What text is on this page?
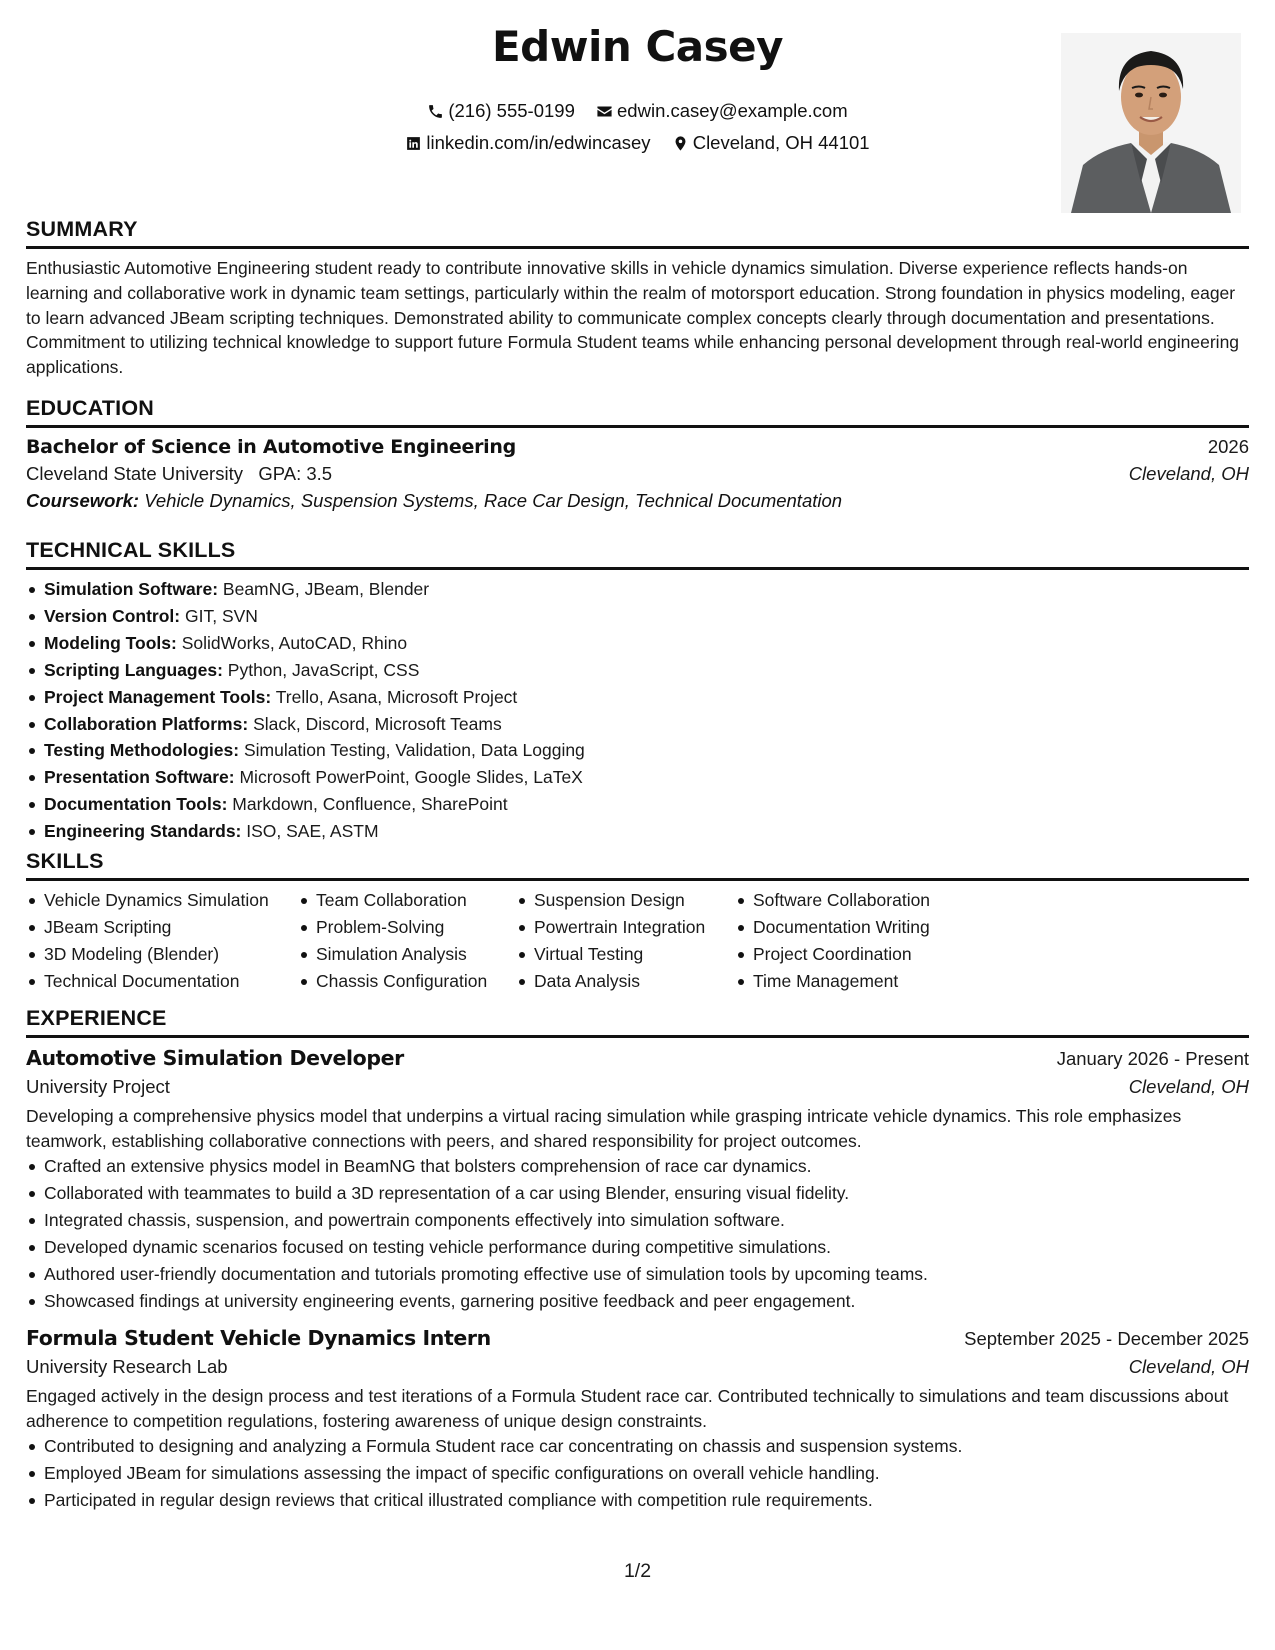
Edwin Casey
(216) 555-0199
edwin.casey@example.com
linkedin.com/in/edwincasey
Cleveland, OH 44101
SUMMARY
Enthusiastic Automotive Engineering student ready to contribute innovative skills in vehicle dynamics simulation. Diverse experience reflects hands-on learning and collaborative work in dynamic team settings, particularly within the realm of motorsport education. Strong foundation in physics modeling, eager to learn advanced JBeam scripting techniques. Demonstrated ability to communicate complex concepts clearly through documentation and presentations. Commitment to utilizing technical knowledge to support future Formula Student teams while enhancing personal development through real-world engineering applications.
EDUCATION
Bachelor of Science in Automotive Engineering	2026
Cleveland State University GPA: 3.5	Cleveland, OH
Coursework: Vehicle Dynamics, Suspension Systems, Race Car Design, Technical Documentation
TECHNICAL SKILLS
Simulation Software: BeamNG, JBeam, Blender
Version Control: GIT, SVN
Modeling Tools: SolidWorks, AutoCAD, Rhino
Scripting Languages: Python, JavaScript, CSS
Project Management Tools: Trello, Asana, Microsoft Project
Collaboration Platforms: Slack, Discord, Microsoft Teams
Testing Methodologies: Simulation Testing, Validation, Data Logging
Presentation Software: Microsoft PowerPoint, Google Slides, LaTeX
Documentation Tools: Markdown, Confluence, SharePoint
Engineering Standards: ISO, SAE, ASTM
SKILLS
Vehicle Dynamics Simulation
JBeam Scripting
3D Modeling (Blender)
Technical Documentation
Team Collaboration
Problem-Solving
Simulation Analysis
Chassis Configuration
Suspension Design
Powertrain Integration
Virtual Testing
Data Analysis
Software Collaboration
Documentation Writing
Project Coordination
Time Management
EXPERIENCE
Automotive Simulation Developer	January 2026 - Present
University Project	Cleveland, OH
Developing a comprehensive physics model that underpins a virtual racing simulation while grasping intricate vehicle dynamics. This role emphasizes teamwork, establishing collaborative connections with peers, and shared responsibility for project outcomes.
Crafted an extensive physics model in BeamNG that bolsters comprehension of race car dynamics.
Collaborated with teammates to build a 3D representation of a car using Blender, ensuring visual fidelity.
Integrated chassis, suspension, and powertrain components effectively into simulation software.
Developed dynamic scenarios focused on testing vehicle performance during competitive simulations.
Authored user-friendly documentation and tutorials promoting effective use of simulation tools by upcoming teams.
Showcased findings at university engineering events, garnering positive feedback and peer engagement.
Formula Student Vehicle Dynamics Intern	September 2025 - December 2025
University Research Lab	Cleveland, OH
Engaged actively in the design process and test iterations of a Formula Student race car. Contributed technically to simulations and team discussions about adherence to competition regulations, fostering awareness of unique design constraints.
Contributed to designing and analyzing a Formula Student race car concentrating on chassis and suspension systems.
Employed JBeam for simulations assessing the impact of specific configurations on overall vehicle handling.
Participated in regular design reviews that critical illustrated compliance with competition rule requirements.
1/2
